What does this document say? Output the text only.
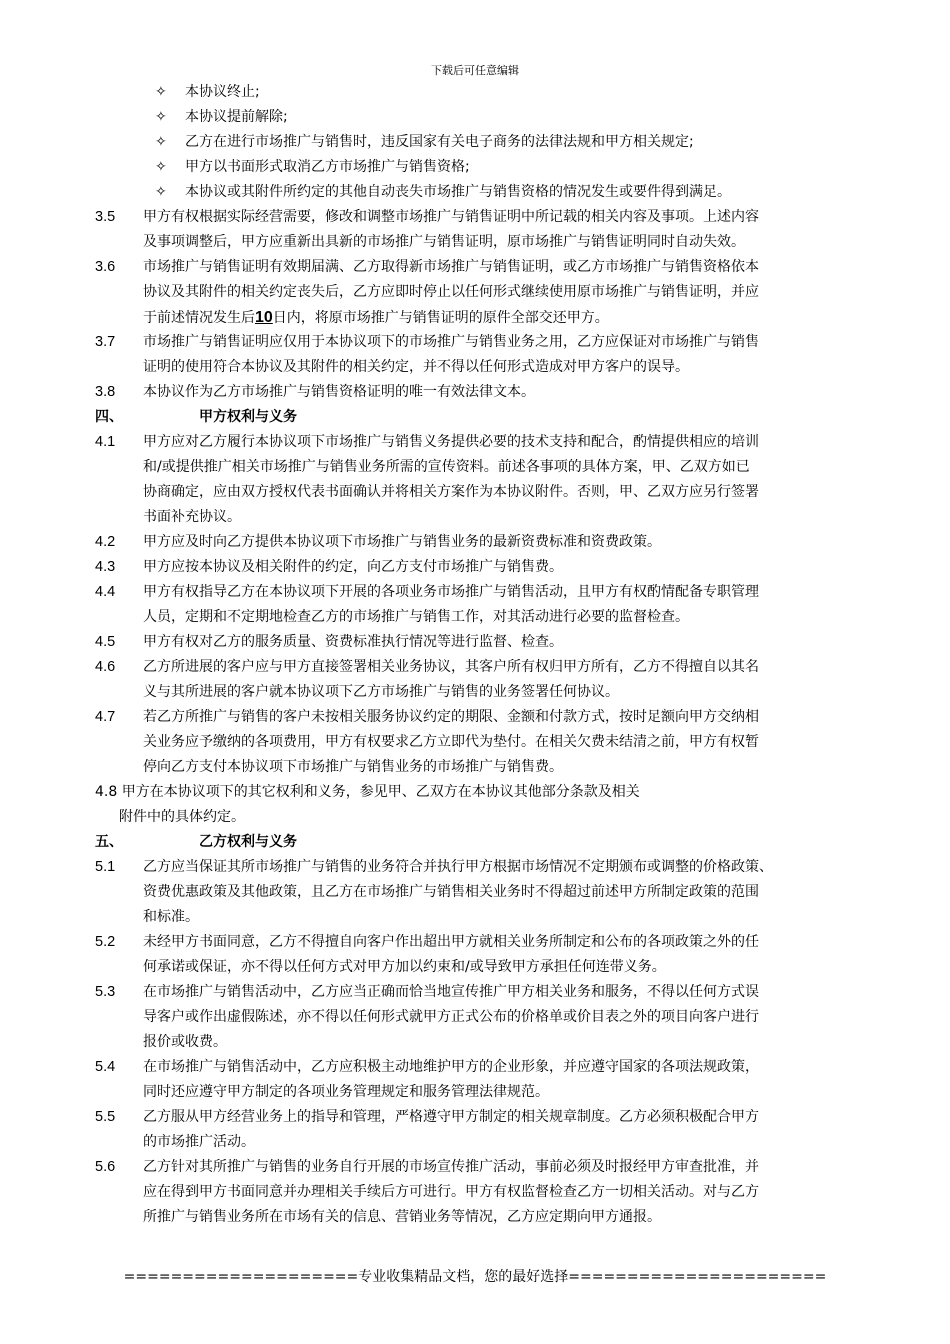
下载后可任意编辑
✧ 本协议终止;
✧ 本协议提前解除;
✧ 乙方在进行市场推广与销售时，违反国家有关电子商务的法律法规和甲方相关规定;
✧ 甲方以书面形式取消乙方市场推广与销售资格;
✧ 本协议或其附件所约定的其他自动丧失市场推广与销售资格的情况发生或要件得到满足。
3.5 甲方有权根据实际经营需要，修改和调整市场推广与销售证明中所记载的相关内容及事项。上述内容
及事项调整后，甲方应重新出具新的市场推广与销售证明，原市场推广与销售证明同时自动失效。
3.6 市场推广与销售证明有效期届满、乙方取得新市场推广与销售证明，或乙方市场推广与销售资格依本
协议及其附件的相关约定丧失后，乙方应即时停止以任何形式继续使用原市场推广与销售证明，并应
于前述情况发生后10日内，将原市场推广与销售证明的原件全部交还甲方。
3.7 市场推广与销售证明应仅用于本协议项下的市场推广与销售业务之用，乙方应保证对市场推广与销售
证明的使用符合本协议及其附件的相关约定，并不得以任何形式造成对甲方客户的误导。
3.8 本协议作为乙方市场推广与销售资格证明的唯一有效法律文本。
四、	甲方权利与义务
4.1 甲方应对乙方履行本协议项下市场推广与销售义务提供必要的技术支持和配合，酌情提供相应的培训
和/或提供推广相关市场推广与销售业务所需的宣传资料。前述各事项的具体方案，甲、乙双方如已
协商确定，应由双方授权代表书面确认并将相关方案作为本协议附件。否则，甲、乙双方应另行签署
书面补充协议。
4.2 甲方应及时向乙方提供本协议项下市场推广与销售业务的最新资费标准和资费政策。
4.3 甲方应按本协议及相关附件的约定，向乙方支付市场推广与销售费。
4.4 甲方有权指导乙方在本协议项下开展的各项业务市场推广与销售活动，且甲方有权酌情配备专职管理
人员，定期和不定期地检查乙方的市场推广与销售工作，对其活动进行必要的监督检查。
4.5 甲方有权对乙方的服务质量、资费标准执行情况等进行监督、检查。
4.6 乙方所进展的客户应与甲方直接签署相关业务协议，其客户所有权归甲方所有，乙方不得擅自以其名
义与其所进展的客户就本协议项下乙方市场推广与销售的业务签署任何协议。
4.7 若乙方所推广与销售的客户未按相关服务协议约定的期限、金额和付款方式，按时足额向甲方交纳相
关业务应予缴纳的各项费用，甲方有权要求乙方立即代为垫付。在相关欠费未结清之前，甲方有权暂
停向乙方支付本协议项下市场推广与销售业务的市场推广与销售费。
4.8 甲方在本协议项下的其它权利和义务，参见甲、乙双方在本协议其他部分条款及相关
附件中的具体约定。
五、	乙方权利与义务
5.1 乙方应当保证其所市场推广与销售的业务符合并执行甲方根据市场情况不定期颁布或调整的价格政策、
资费优惠政策及其他政策，且乙方在市场推广与销售相关业务时不得超过前述甲方所制定政策的范围
和标准。
5.2 未经甲方书面同意，乙方不得擅自向客户作出超出甲方就相关业务所制定和公布的各项政策之外的任
何承诺或保证，亦不得以任何方式对甲方加以约束和/或导致甲方承担任何连带义务。
5.3 在市场推广与销售活动中，乙方应当正确而恰当地宣传推广甲方相关业务和服务，不得以任何方式误
导客户或作出虚假陈述，亦不得以任何形式就甲方正式公布的价格单或价目表之外的项目向客户进行
报价或收费。
5.4 在市场推广与销售活动中，乙方应积极主动地维护甲方的企业形象，并应遵守国家的各项法规政策，
同时还应遵守甲方制定的各项业务管理规定和服务管理法律规范。
5.5 乙方服从甲方经营业务上的指导和管理，严格遵守甲方制定的相关规章制度。乙方必须积极配合甲方
的市场推广活动。
5.6 乙方针对其所推广与销售的业务自行开展的市场宣传推广活动，事前必须及时报经甲方审查批准，并
应在得到甲方书面同意并办理相关手续后方可进行。甲方有权监督检查乙方一切相关活动。对与乙方
所推广与销售业务所在市场有关的信息、营销业务等情况，乙方应定期向甲方通报。
====================专业收集精品文档，您的最好选择======================
